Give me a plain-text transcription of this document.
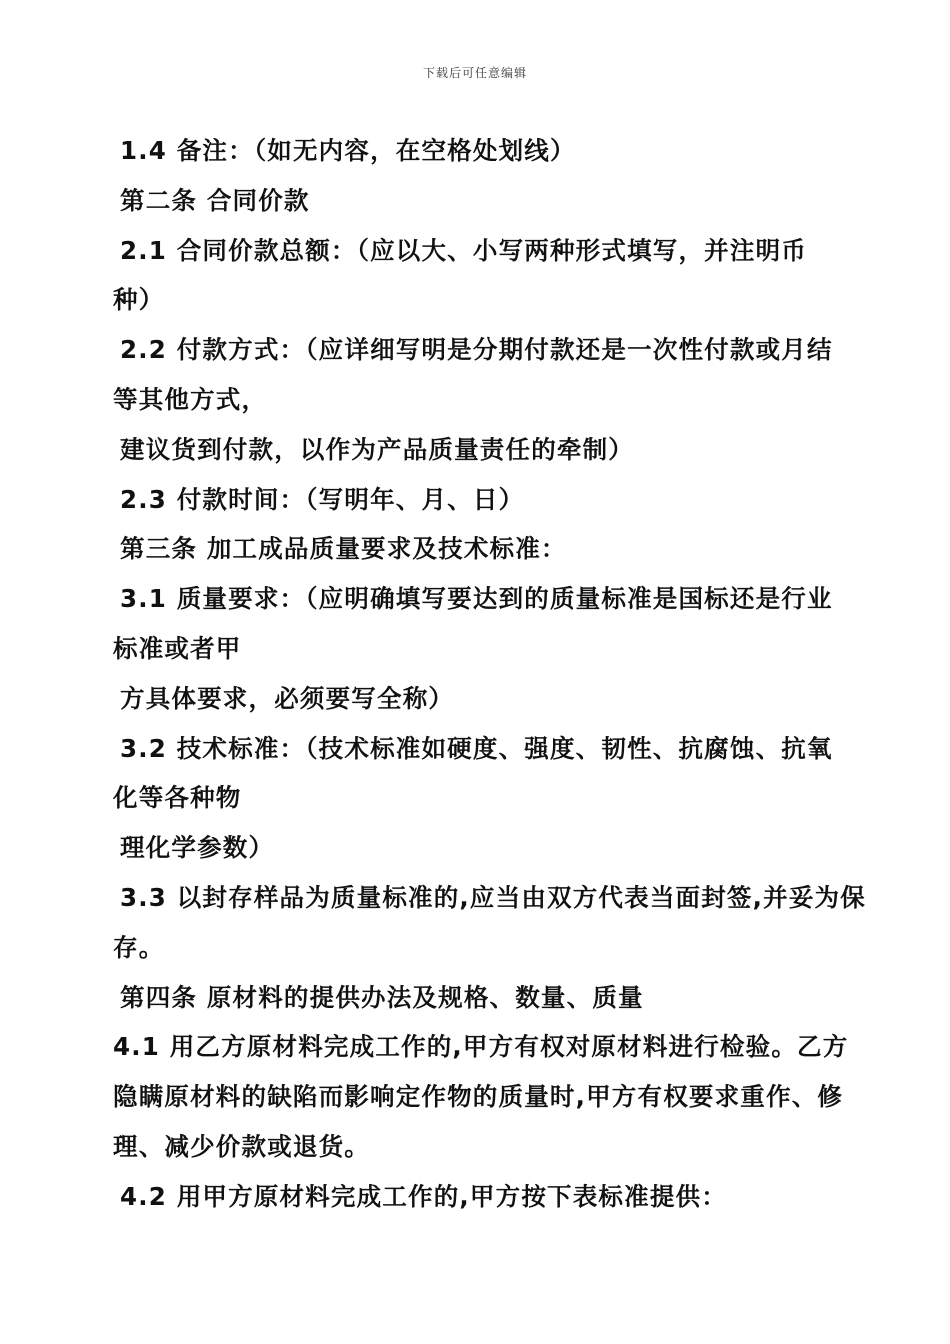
下载后可任意编辑
1.4 备注：（如无内容，在空格处划线）
第二条 合同价款
2.1 合同价款总额：（应以大、小写两种形式填写，并注明币
种）
2.2 付款方式：（应详细写明是分期付款还是一次性付款或月结
等其他方式，
建议货到付款，以作为产品质量责任的牵制）
2.3 付款时间：（写明年、月、日）
第三条 加工成品质量要求及技术标准：
3.1 质量要求：（应明确填写要达到的质量标准是国标还是行业
标准或者甲
方具体要求，必须要写全称）
3.2 技术标准：（技术标准如硬度、强度、韧性、抗腐蚀、抗氧
化等各种物
理化学参数）
3.3 以封存样品为质量标准的,应当由双方代表当面封签,并妥为保
存。
第四条 原材料的提供办法及规格、数量、质量
4.1 用乙方原材料完成工作的,甲方有权对原材料进行检验。乙方
隐瞒原材料的缺陷而影响定作物的质量时,甲方有权要求重作、修
理、减少价款或退货。
4.2 用甲方原材料完成工作的,甲方按下表标准提供：
